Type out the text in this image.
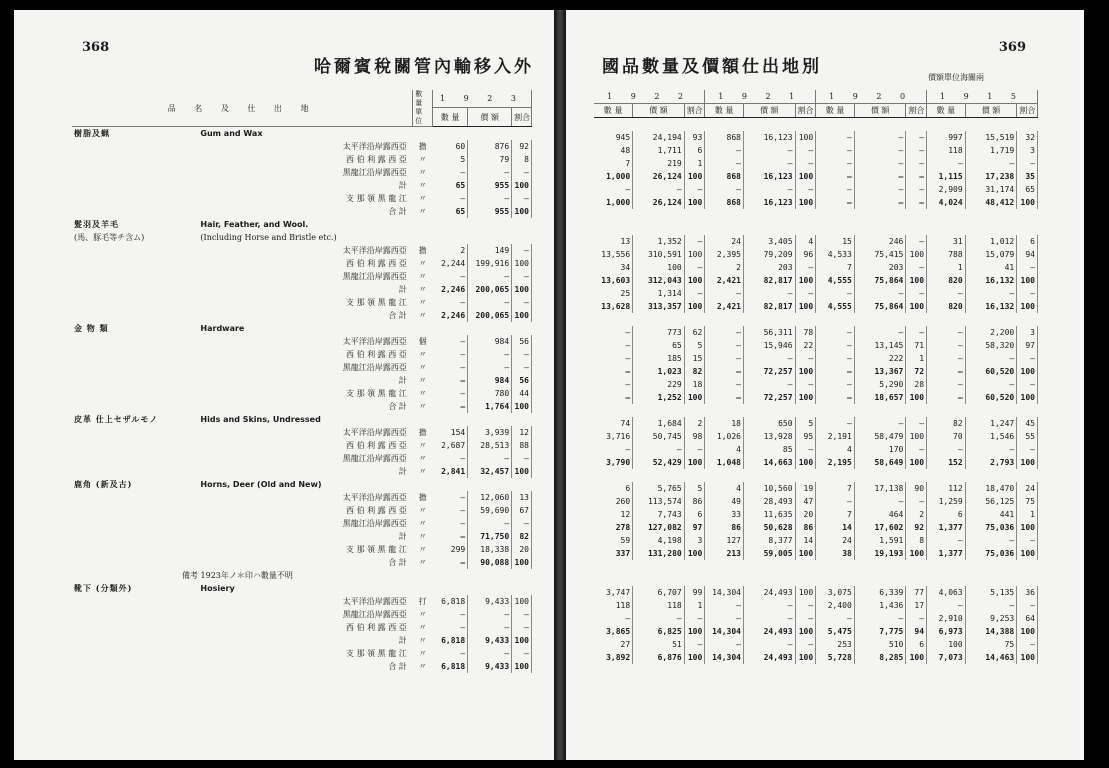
368
哈爾賓稅關管內輸移入外
品 名 及 仕 出 地		數量單位	1 9 2 3		
			數 量	價 額	割合
樹脂及蝋	Gum and Wax				
	太平洋沿岸露西亞	擔	60	876	92
	西 伯 利 露 西 亞	〃	5	79	8
	黑龍江沿岸露西亞	〃	—	—	—
	計	〃	65	955	100
	支 那 領 黑 龍 江	〃	—	—	—
	合 計	〃	65	955	100
髮羽及羊毛	Hair, Feather, and Wool.				
(馬、豚毛等チ含ム)	(Including Horse and Bristle etc.)				
	太平洋沿岸露西亞	擔	2	149	—
	西 伯 利 露 西 亞	〃	2,244	199,916	100
	黑龍江沿岸露西亞	〃	—	—	—
	計	〃	2,246	200,065	100
	支 那 領 黑 龍 江	〃	—	—	—
	合 計	〃	2,246	200,065	100
金 物 類	Hardware				
	太平洋沿岸露西亞	個	—	984	56
	西 伯 利 露 西 亞	〃	—	—	—
	黑龍江沿岸露西亞	〃	—	—	—
	計	〃	—	984	56
	支 那 領 黑 龍 江	〃	—	780	44
	合 計	〃	—	1,764	100
皮革 仕上セザルモノ	Hids and Skins, Undressed				
	太平洋沿岸露西亞	擔	154	3,939	12
	西 伯 利 露 西 亞	〃	2,687	28,513	88
	黑龍江沿岸露西亞	〃	—	—	—
	計	〃	2,841	32,457	100
鹿角 (新及古)	Horns, Deer (Old and New)				
	太平洋沿岸露西亞	擔	—	12,060	13
	西 伯 利 露 西 亞	〃	—	59,690	67
	黑龍江沿岸露西亞	〃	—	—	—
	計	〃	—	71,750	82
	支 那 領 黑 龍 江	〃	299	18,338	20
	合 計	〃	—	90,088	100
備考 1923年ノ＊印ハ數量不明					
靴下 (分類外)	Hosiery				
	太平洋沿岸露西亞	打	6,818	9,433	100
	黑龍江沿岸露西亞	〃	—	—	—
	西 伯 利 露 西 亞	〃	—	—	—
	計	〃	6,818	9,433	100
	支 那 領 黑 龍 江	〃	—	—	—
	合 計	〃	6,818	9,433	100
369
國品數量及價額仕出地別
價額單位海關兩
1 9 2 2			1 9 2 1			1 9 2 0			1 9 1 5		
數 量	價 額	割合	數 量	價 額	割合	數 量	價 額	割合	數 量	價 額	割合

945	24,194	93	868	16,123	100	—	—	—	997	15,519	32
48	1,711	6	—	—	—	—	—	—	118	1,719	3
7	219	1	—	—	—	—	—	—	—	—	—
1,000	26,124	100	868	16,123	100	—	—	—	1,115	17,238	35
—	—	—	—	—	—	—	—	—	2,909	31,174	65
1,000	26,124	100	868	16,123	100	—	—	—	4,024	48,412	100

13	1,352	—	24	3,405	4	15	246	—	31	1,012	6
13,556	310,591	100	2,395	79,209	96	4,533	75,415	100	788	15,079	94
34	100	—	2	203	—	7	203	—	1	41	—
13,603	312,043	100	2,421	82,817	100	4,555	75,864	100	820	16,132	100
25	1,314	—	—	—	—	—	—	—	—	—	—
13,628	313,357	100	2,421	82,817	100	4,555	75,864	100	820	16,132	100

—	773	62	—	56,311	78	—	—	—	—	2,200	3
—	65	5	—	15,946	22	—	13,145	71	—	58,320	97
—	185	15	—	—	—	—	222	1	—	—	—
—	1,023	82	—	72,257	100	—	13,367	72	—	60,520	100
—	229	18	—	—	—	—	5,290	28	—	—	—
—	1,252	100	—	72,257	100	—	18,657	100	—	60,520	100

74	1,684	2	18	650	5	—	—	—	82	1,247	45
3,716	50,745	98	1,026	13,928	95	2,191	58,479	100	70	1,546	55
—	—	—	4	85	—	4	170	—	—	—	—
3,790	52,429	100	1,048	14,663	100	2,195	58,649	100	152	2,793	100

6	5,765	5	4	10,560	19	7	17,138	90	112	18,470	24
260	113,574	86	49	28,493	47	—	—	—	1,259	56,125	75
12	7,743	6	33	11,635	20	7	464	2	6	441	1
278	127,082	97	86	50,628	86	14	17,602	92	1,377	75,036	100
59	4,198	3	127	8,377	14	24	1,591	8	—	—	—
337	131,280	100	213	59,005	100	38	19,193	100	1,377	75,036	100

3,747	6,707	99	14,304	24,493	100	3,075	6,339	77	4,063	5,135	36
118	118	1	—	—	—	2,400	1,436	17	—	—	—
—	—	—	—	—	—	—	—	—	2,910	9,253	64
3,865	6,825	100	14,304	24,493	100	5,475	7,775	94	6,973	14,388	100
27	51	—	—	—	—	253	510	6	100	75	—
3,892	6,876	100	14,304	24,493	100	5,728	8,285	100	7,073	14,463	100
